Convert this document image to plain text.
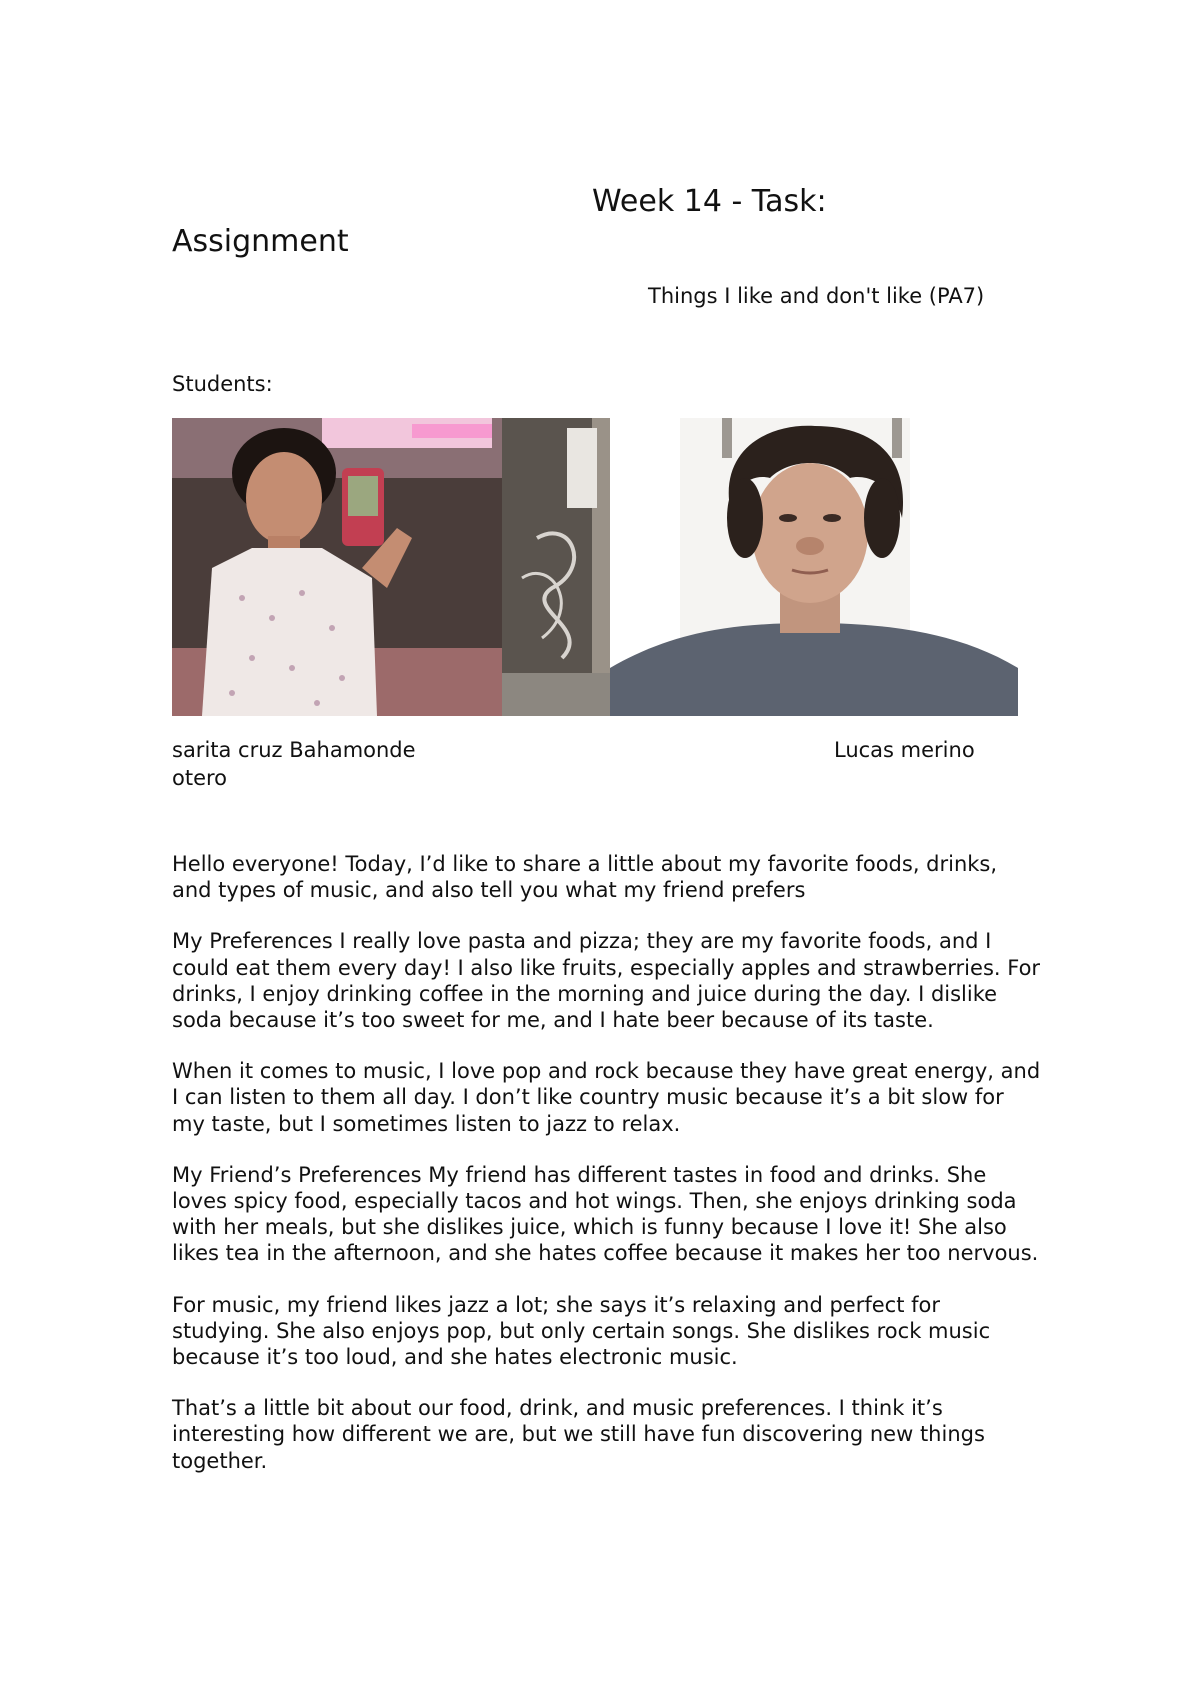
Week 14 - Task:
Assignment
Things I like and don't like (PA7)
Students:
sarita cruz Bahamonde
otero
Lucas merino

Hello everyone! Today, I’d like to share a little about my favorite foods, drinks, and types of music, and also tell you what my friend prefers

My Preferences I really love pasta and pizza; they are my favorite foods, and I could eat them every day! I also like fruits, especially apples and strawberries. For drinks, I enjoy drinking coffee in the morning and juice during the day. I dislike soda because it’s too sweet for me, and I hate beer because of its taste.

When it comes to music, I love pop and rock because they have great energy, and I can listen to them all day. I don’t like country music because it’s a bit slow for my taste, but I sometimes listen to jazz to relax.

My Friend’s Preferences My friend has different tastes in food and drinks. She loves spicy food, especially tacos and hot wings. Then, she enjoys drinking soda with her meals, but she dislikes juice, which is funny because I love it! She also likes tea in the afternoon, and she hates coffee because it makes her too nervous.

For music, my friend likes jazz a lot; she says it’s relaxing and perfect for studying. She also enjoys pop, but only certain songs. She dislikes rock music because it’s too loud, and she hates electronic music.

That’s a little bit about our food, drink, and music preferences. I think it’s interesting how different we are, but we still have fun discovering new things together.
